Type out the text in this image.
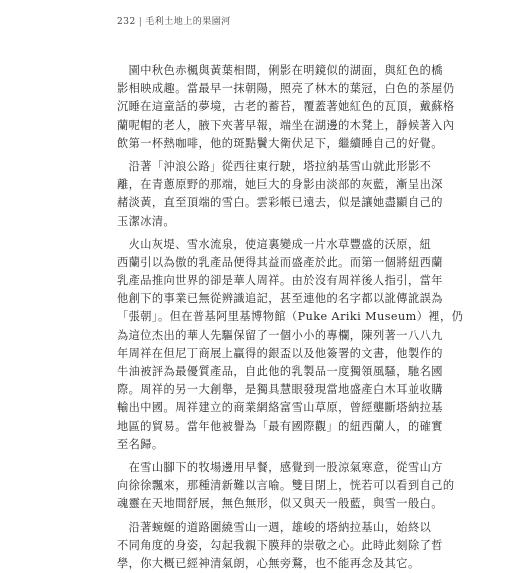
232 | 毛利土地上的果園河
　園中秋色赤楓與黃葉相間，俐影在明鏡似的湖面，與紅色的橋
影相映成趣。當最早一抹朝陽，照亮了林木的葉冠，白色的茶屋仍
沉睡在這童話的夢境，古老的蓄苔，覆蓋著她紅色的瓦頂，戴蘇格
蘭呢帽的老人，腋下夾著早報，端坐在湖邊的木凳上，靜候著入內
飲第一杯熱咖啡，他的斑點鬢大衛伏足下，繼續睡自己的好覺。
　沿著「沖浪公路」從西往東行駛，塔拉納基雪山就此形影不
離，在青蔥原野的那端，她巨大的身影由淡部的灰藍，漸呈出深
赭淡黃，直至頂端的雪白。雲彩帳已遠去，似是讓她盡顯自己的
玉潔冰清。
　火山灰堤、雪水流泉，使這裏變成一片水草豐盛的沃原，紐
西蘭引以為傲的乳產品便得其益而盛產於此。而第一個將紐西蘭
乳產品推向世界的卻是華人周祥。由於沒有周祥後人指引，當年
他創下的事業已無從辨識追記，甚至連他的名字都以訛傳訛誤為
「張朝」。但在普基阿里基博物館（Puke Ariki Museum）裡，仍
為這位杰出的華人先驅保留了一個小小的專欄，陳列著一八八九
年周祥在但尼丁商展上贏得的銀盃以及他簽署的文書，他製作的
牛油被評為最優質產品，自此他的乳製品一度獨領風騷，馳名國
際。周祥的另一大創舉，是獨具慧眼發現當地盛產白木耳並收購
輸出中國。周祥建立的商業網絡富雪山草原，曾經壟斷塔納拉基
地區的貿易。當年他被譽為「最有國際觀」的紐西蘭人，的確實
至名歸。
　在雪山腳下的牧場邊用早餐，感覺到一股涼氣寒意，從雪山方
向徐徐飄來，那種清新難以言喻。雙目閉上，恍若可以看到自己的
魂靈在天地間舒展，無色無形，似又與天一般藍，與雪一般白。
　沿著蜿蜒的道路圍繞雪山一週，雄峻的塔納拉基山，始終以
不同角度的身姿，勾起我親下膜拜的崇敬之心。此時此刻除了哲
學，你大概已經神清氣朗，心無旁鶩，也不能再念及其它。
